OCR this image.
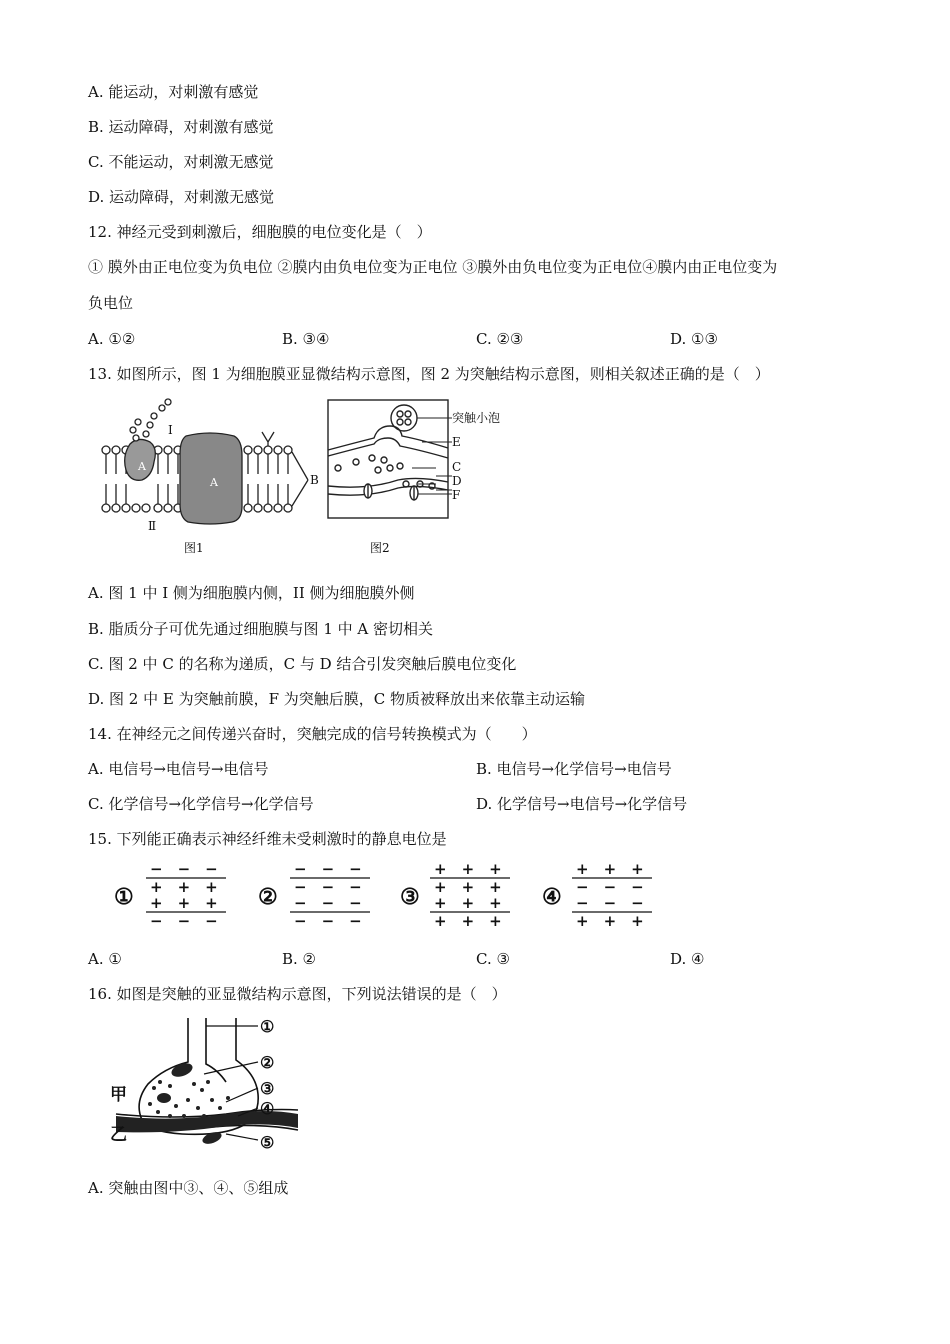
A. 能运动，对刺激有感觉
B. 运动障碍，对刺激有感觉
C. 不能运动，对刺激无感觉
D. 运动障碍，对刺激无感觉
12. 神经元受到刺激后，细胞膜的电位变化是（　）
① 膜外由正电位变为负电位 ②膜内由负电位变为正电位 ③膜外由负电位变为正电位④膜内由正电位变为
负电位
A. ①②	B. ③④	C. ②③	D. ①③
13. 如图所示，图 1 为细胞膜亚显微结构示意图，图 2 为突触结构示意图，则相关叙述正确的是（　）
A
A
I
Ⅱ
B
图1
突触小泡
E
C
D
F
图2
A. 图 1 中 I 侧为细胞膜内侧，II 侧为细胞膜外侧
B. 脂质分子可优先通过细胞膜与图 1 中 A 密切相关
C. 图 2 中 C 的名称为递质，C 与 D 结合引发突触后膜电位变化
D. 图 2 中 E 为突触前膜，F 为突触后膜，C 物质被释放出来依靠主动运输
14. 在神经元之间传递兴奋时，突触完成的信号转换模式为（　　）
A. 电信号→电信号→电信号	B. 电信号→化学信号→电信号
C. 化学信号→化学信号→化学信号	D. 化学信号→电信号→化学信号
15. 下列能正确表示神经纤维未受刺激时的静息电位是
①
−　−　−
+　+　+
+　+　+
−　−　−
②
−　−　−
−　−　−
−　−　−
−　−　−
③
+　+　+
+　+　+
+　+　+
+　+　+
④
+　+　+
−　−　−
−　−　−
+　+　+
A. ①	B. ②	C. ③	D. ④
16. 如图是突触的亚显微结构示意图，下列说法错误的是（　）
①
②
③
④
⑤
甲
乙
A. 突触由图中③、④、⑤组成
